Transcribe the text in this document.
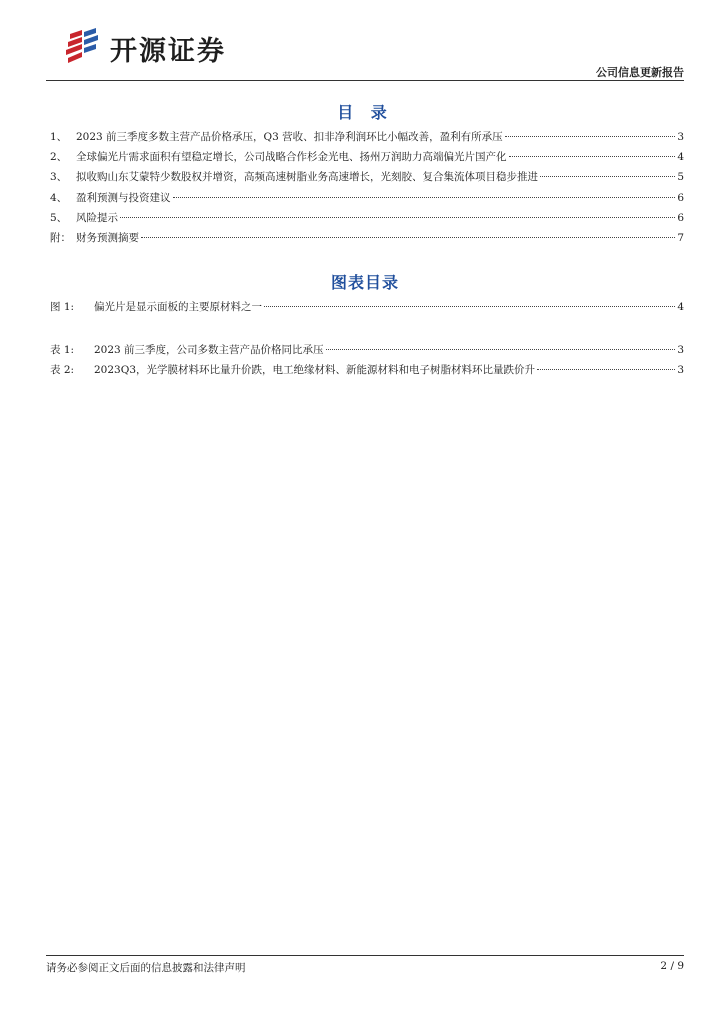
开源证券
公司信息更新报告
目 录
1、 2023 前三季度多数主营产品价格承压，Q3 营收、扣非净利润环比小幅改善，盈利有所承压	3
2、 全球偏光片需求面积有望稳定增长，公司战略合作杉金光电、扬州万润助力高端偏光片国产化	4
3、 拟收购山东艾蒙特少数股权并增资，高频高速树脂业务高速增长，光刻胶、复合集流体项目稳步推进	5
4、 盈利预测与投资建议	6
5、 风险提示	6
附： 财务预测摘要	7
图表目录
图 1:	偏光片是显示面板的主要原材料之一	4
表 1:	2023 前三季度，公司多数主营产品价格同比承压	3
表 2:	2023Q3，光学膜材料环比量升价跌，电工绝缘材料、新能源材料和电子树脂材料环比量跌价升	3
请务必参阅正文后面的信息披露和法律声明	2 / 9
